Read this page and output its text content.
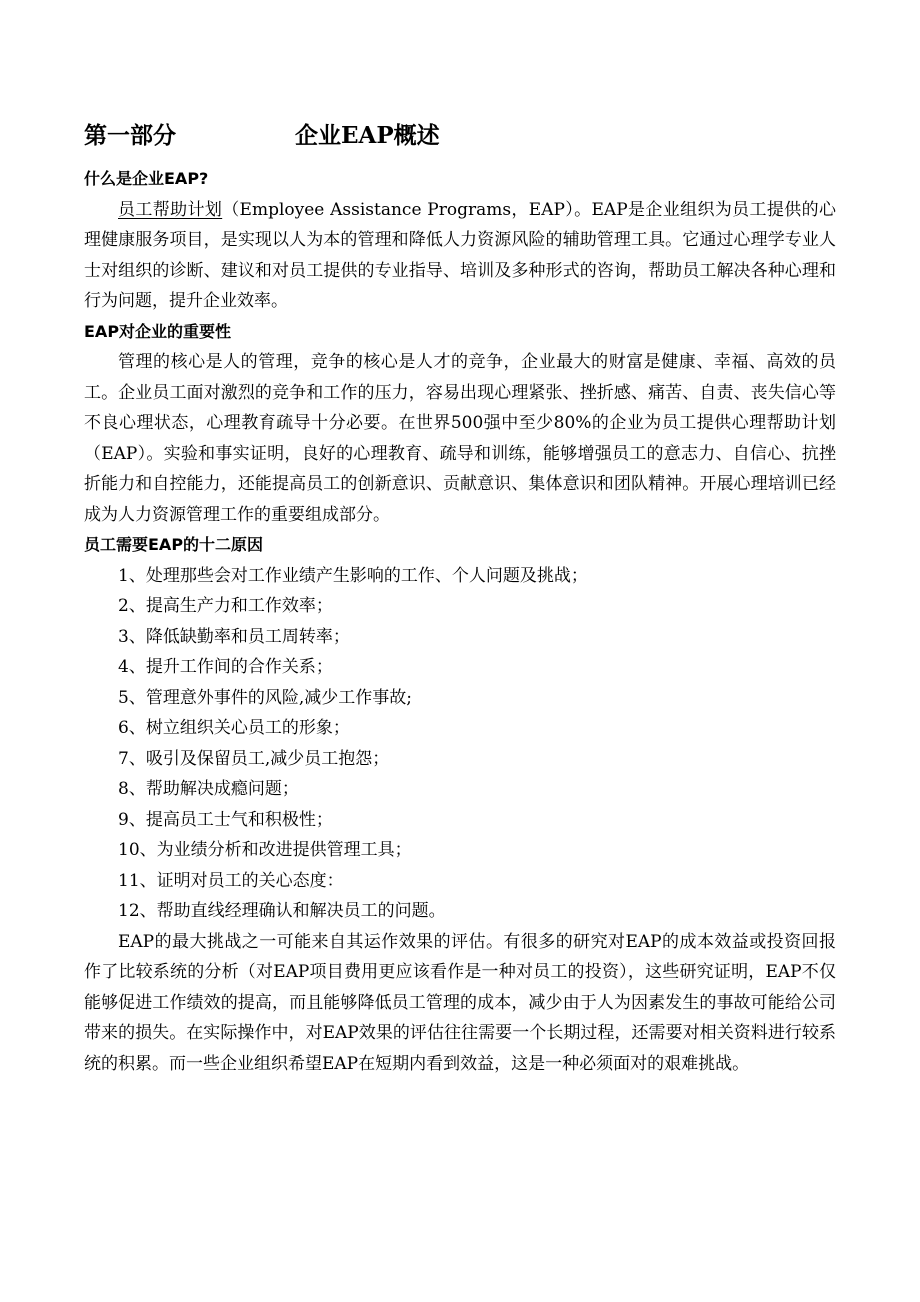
第一部分	企业EAP概述
什么是企业EAP?

员工帮助计划（Employee Assistance Programs，EAP）。EAP是企业组织为员工提供的心理健康服务项目，是实现以人为本的管理和降低人力资源风险的辅助管理工具。它通过心理学专业人士对组织的诊断、建议和对员工提供的专业指导、培训及多种形式的咨询，帮助员工解决各种心理和行为问题，提升企业效率。

EAP对企业的重要性

管理的核心是人的管理，竞争的核心是人才的竞争，企业最大的财富是健康、幸福、高效的员工。企业员工面对激烈的竞争和工作的压力，容易出现心理紧张、挫折感、痛苦、自责、丧失信心等不良心理状态，心理教育疏导十分必要。在世界500强中至少80%的企业为员工提供心理帮助计划（EAP）。实验和事实证明，良好的心理教育、疏导和训练，能够增强员工的意志力、自信心、抗挫折能力和自控能力，还能提高员工的创新意识、贡献意识、集体意识和团队精神。开展心理培训已经成为人力资源管理工作的重要组成部分。

员工需要EAP的十二原因
1、处理那些会对工作业绩产生影响的工作、个人问题及挑战；
2、提高生产力和工作效率；
3、降低缺勤率和员工周转率；
4、提升工作间的合作关系；
5、管理意外事件的风险,减少工作事故;
6、树立组织关心员工的形象；
7、吸引及保留员工,减少员工抱怨；
8、帮助解决成瘾问题；
9、提高员工士气和积极性；
10、为业绩分析和改进提供管理工具；
11、证明对员工的关心态度：
12、帮助直线经理确认和解决员工的问题。

EAP的最大挑战之一可能来自其运作效果的评估。有很多的研究对EAP的成本效益或投资回报作了比较系统的分析（对EAP项目费用更应该看作是一种对员工的投资），这些研究证明，EAP不仅能够促进工作绩效的提高，而且能够降低员工管理的成本，减少由于人为因素发生的事故可能给公司带来的损失。在实际操作中，对EAP效果的评估往往需要一个长期过程，还需要对相关资料进行较系统的积累。而一些企业组织希望EAP在短期内看到效益，这是一种必须面对的艰难挑战。
